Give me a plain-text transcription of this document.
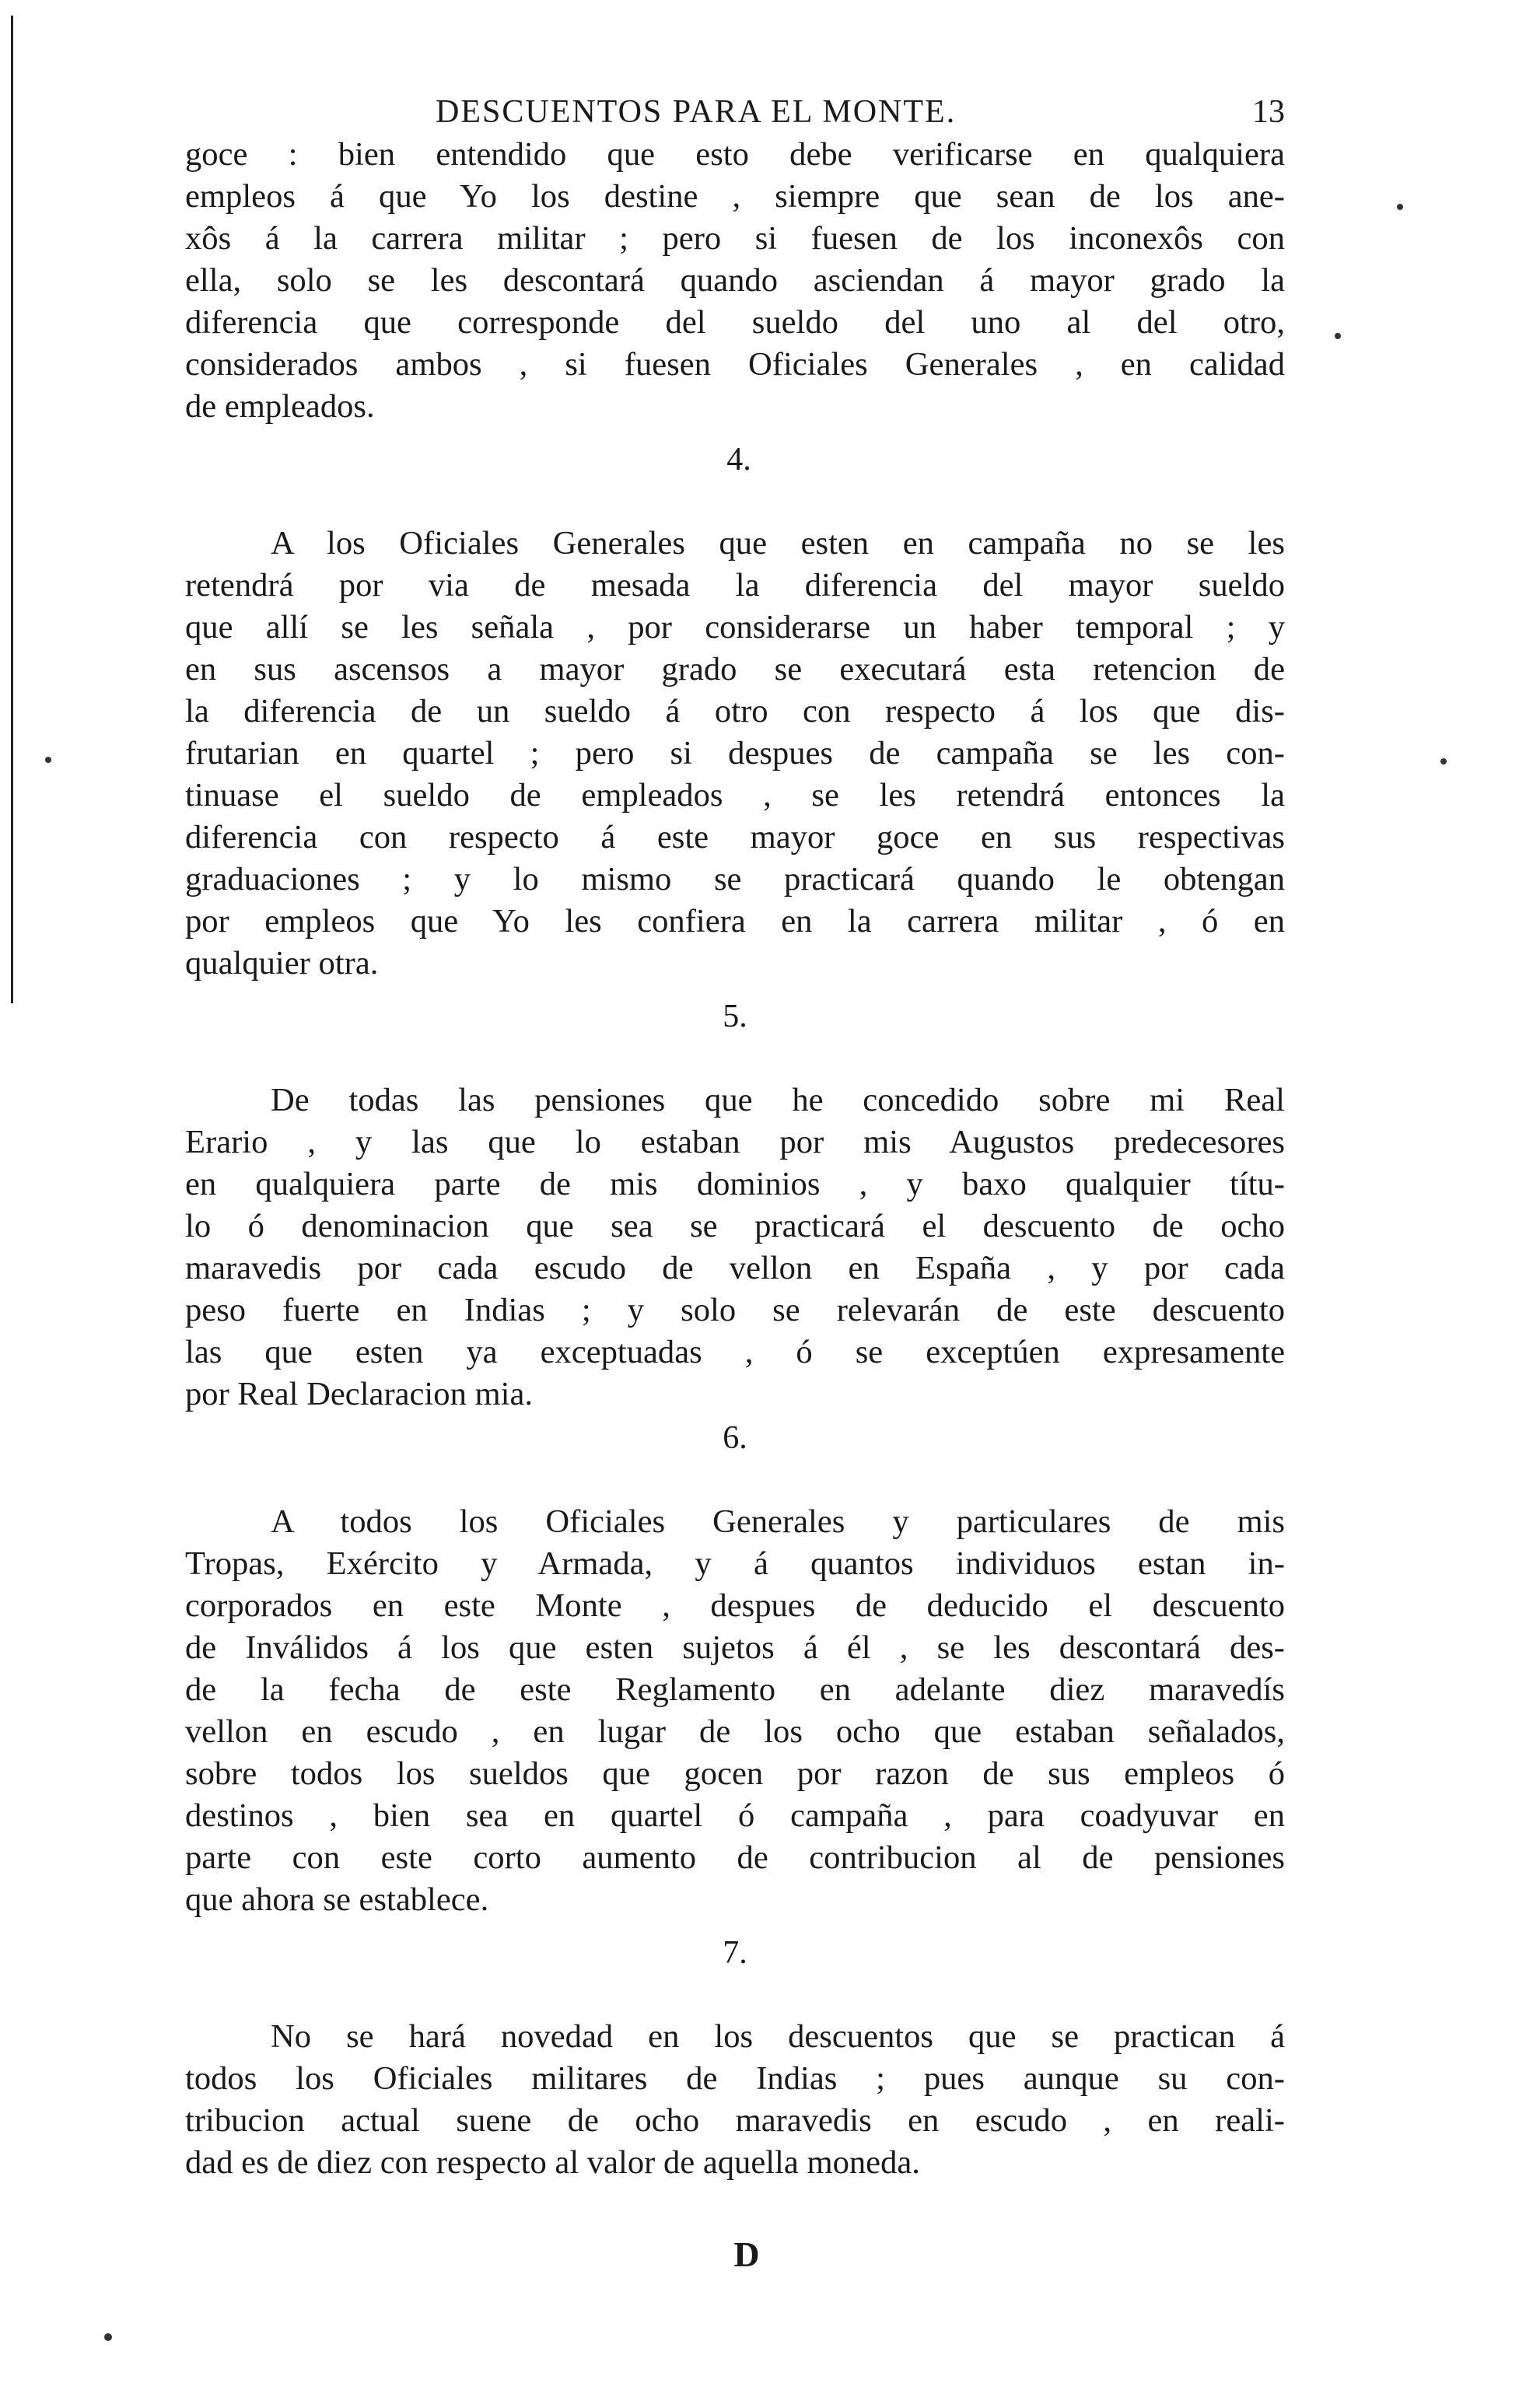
DESCUENTOS PARA EL MONTE.	13

goce : bien entendido que esto debe verificarse en qualquiera
empleos á que Yo los destine , siempre que sean de los ane-
xôs á la carrera militar ; pero si fuesen de los inconexôs con
ella, solo se les descontará quando asciendan á mayor grado la
diferencia que corresponde del sueldo del uno al del otro,
considerados ambos , si fuesen Oficiales Generales , en calidad
de empleados.

4.

A los Oficiales Generales que esten en campaña no se les
retendrá por via de mesada la diferencia del mayor sueldo
que allí se les señala , por considerarse un haber temporal ; y
en sus ascensos a mayor grado se executará esta retencion de
la diferencia de un sueldo á otro con respecto á los que dis-
frutarian en quartel ; pero si despues de campaña se les con-
tinuase el sueldo de empleados , se les retendrá entonces la
diferencia con respecto á este mayor goce en sus respectivas
graduaciones ; y lo mismo se practicará quando le obtengan
por empleos que Yo les confiera en la carrera militar , ó en
qualquier otra.

5.

De todas las pensiones que he concedido sobre mi Real
Erario , y las que lo estaban por mis Augustos predecesores
en qualquiera parte de mis dominios , y baxo qualquier títu-
lo ó denominacion que sea se practicará el descuento de ocho
maravedis por cada escudo de vellon en España , y por cada
peso fuerte en Indias ; y solo se relevarán de este descuento
las que esten ya exceptuadas , ó se exceptúen expresamente
por Real Declaracion mia.

6.

A todos los Oficiales Generales y particulares de mis
Tropas, Exército y Armada, y á quantos individuos estan in-
corporados en este Monte , despues de deducido el descuento
de Inválidos á los que esten sujetos á él , se les descontará des-
de la fecha de este Reglamento en adelante diez maravedís
vellon en escudo , en lugar de los ocho que estaban señalados,
sobre todos los sueldos que gocen por razon de sus empleos ó
destinos , bien sea en quartel ó campaña , para coadyuvar en
parte con este corto aumento de contribucion al de pensiones
que ahora se establece.

7.

No se hará novedad en los descuentos que se practican á
todos los Oficiales militares de Indias ; pues aunque su con-
tribucion actual suene de ocho maravedis en escudo , en reali-
dad es de diez con respecto al valor de aquella moneda.

D
